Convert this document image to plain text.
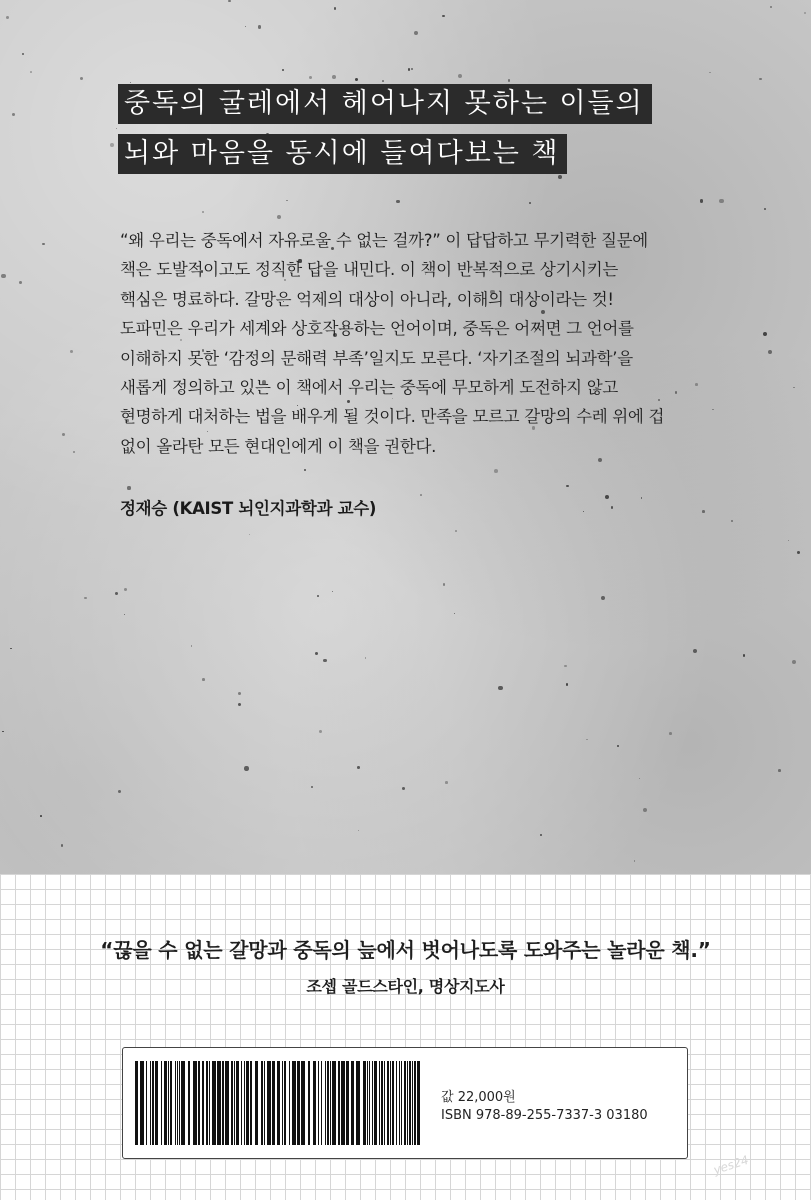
중독의 굴레에서 헤어나지 못하는 이들의
뇌와 마음을 동시에 들여다보는 책

“왜 우리는 중독에서 자유로울 수 없는 걸까?” 이 답답하고 무기력한 질문에

책은 도발적이고도 정직한 답을 내민다. 이 책이 반복적으로 상기시키는

핵심은 명료하다. 갈망은 억제의 대상이 아니라, 이해의 대상이라는 것!

도파민은 우리가 세계와 상호작용하는 언어이며, 중독은 어쩌면 그 언어를

이해하지 못한 ‘감정의 문해력 부족’일지도 모른다. ‘자기조절의 뇌과학’을

새롭게 정의하고 있는 이 책에서 우리는 중독에 무모하게 도전하지 않고

현명하게 대처하는 법을 배우게 될 것이다. 만족을 모르고 갈망의 수레 위에 겁

없이 올라탄 모든 현대인에게 이 책을 권한다.

정재승 (KAIST 뇌인지과학과 교수)
“끊을 수 없는 갈망과 중독의 늪에서 벗어나도록 도와주는 놀라운 책.”
조셉 골드스타인, 명상지도사
값 22,000원
ISBN 978-89-255-7337-3 03180
yes24
